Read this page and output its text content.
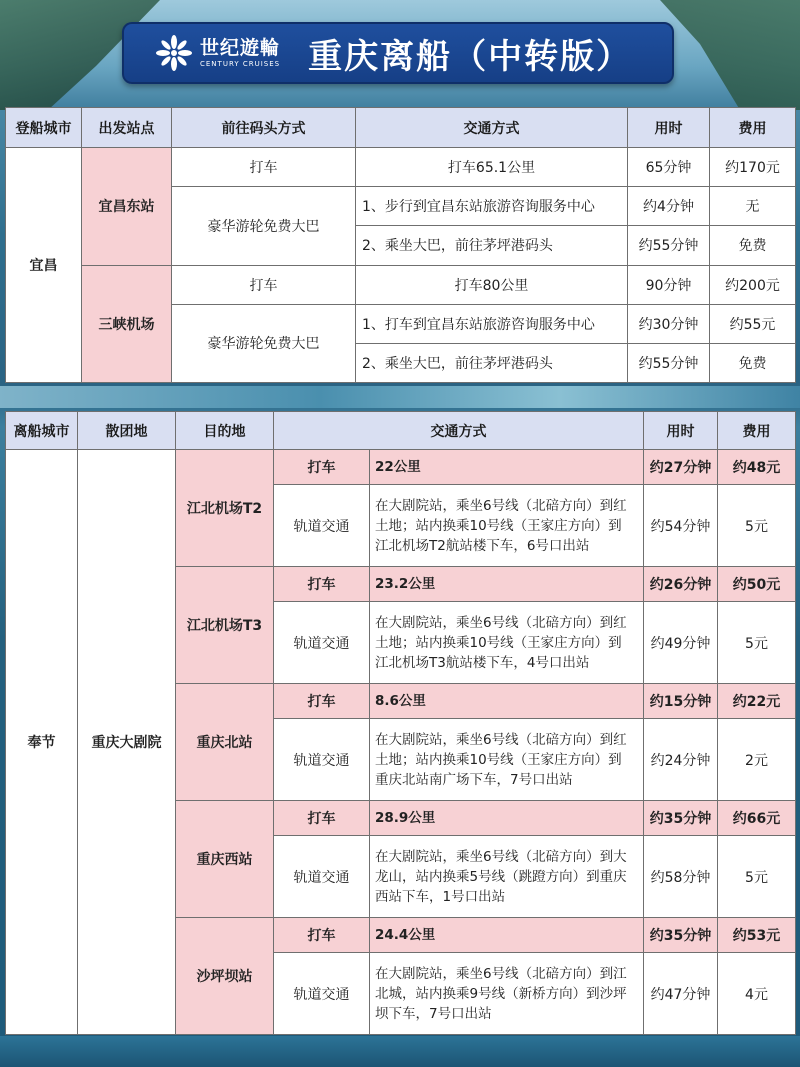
世纪遊輪
CENTURY CRUISES 重庆离船（中转版）
登船城市	出发站点	前往码头方式	交通方式	用时	费用
宜昌	宜昌东站	打车	打车65.1公里	65分钟	约170元
		豪华游轮免费大巴	1、步行到宜昌东站旅游咨询服务中心	约4分钟	无
			2、乘坐大巴，前往茅坪港码头	约55分钟	免费
	三峡机场	打车	打车80公里	90分钟	约200元
		豪华游轮免费大巴	1、打车到宜昌东站旅游咨询服务中心	约30分钟	约55元
			2、乘坐大巴，前往茅坪港码头	约55分钟	免费
离船城市	散团地	目的地	交通方式		用时	费用
奉节	重庆大剧院	江北机场T2	打车	22公里	约27分钟	约48元
			轨道交通	在大剧院站，乘坐6号线（北碚方向）到红
土地；站内换乘10号线（王家庄方向）到
江北机场T2航站楼下车，6号口出站	约54分钟	5元
		江北机场T3	打车	23.2公里	约26分钟	约50元
			轨道交通	在大剧院站，乘坐6号线（北碚方向）到红
土地；站内换乘10号线（王家庄方向）到
江北机场T3航站楼下车，4号口出站	约49分钟	5元
		重庆北站	打车	8.6公里	约15分钟	约22元
			轨道交通	在大剧院站，乘坐6号线（北碚方向）到红
土地；站内换乘10号线（王家庄方向）到
重庆北站南广场下车，7号口出站	约24分钟	2元
		重庆西站	打车	28.9公里	约35分钟	约66元
			轨道交通	在大剧院站，乘坐6号线（北碚方向）到大
龙山，站内换乘5号线（跳蹬方向）到重庆
西站下车，1号口出站	约58分钟	5元
		沙坪坝站	打车	24.4公里	约35分钟	约53元
			轨道交通	在大剧院站，乘坐6号线（北碚方向）到江
北城，站内换乘9号线（新桥方向）到沙坪
坝下车，7号口出站	约47分钟	4元
